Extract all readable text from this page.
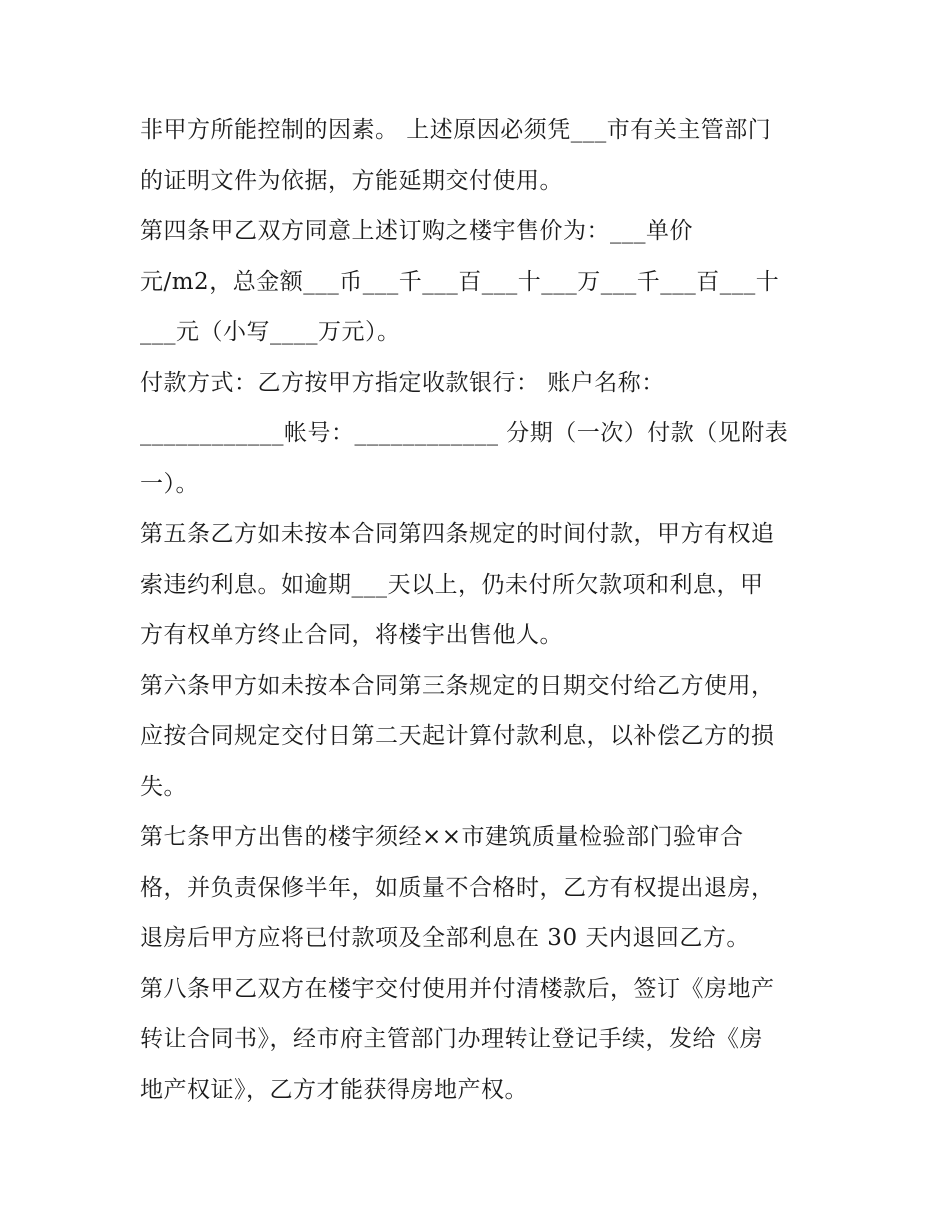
非甲方所能控制的因素。 上述原因必须凭___市有关主管部门
的证明文件为依据，方能延期交付使用。
第四条甲乙双方同意上述订购之楼宇售价为：___单价
元/m2，总金额___币___千___百___十___万___千___百___十
___元（小写____万元）。
付款方式：乙方按甲方指定收款银行： 账户名称：
____________帐号：____________ 分期（一次）付款（见附表
一）。
第五条乙方如未按本合同第四条规定的时间付款，甲方有权追
索违约利息。如逾期___天以上，仍未付所欠款项和利息，甲
方有权单方终止合同，将楼宇出售他人。
第六条甲方如未按本合同第三条规定的日期交付给乙方使用，
应按合同规定交付日第二天起计算付款利息，以补偿乙方的损
失。
第七条甲方出售的楼宇须经××市建筑质量检验部门验审合
格，并负责保修半年，如质量不合格时，乙方有权提出退房，
退房后甲方应将已付款项及全部利息在 30 天内退回乙方。
第八条甲乙双方在楼宇交付使用并付清楼款后，签订《房地产
转让合同书》，经市府主管部门办理转让登记手续，发给《房
地产权证》，乙方才能获得房地产权。
